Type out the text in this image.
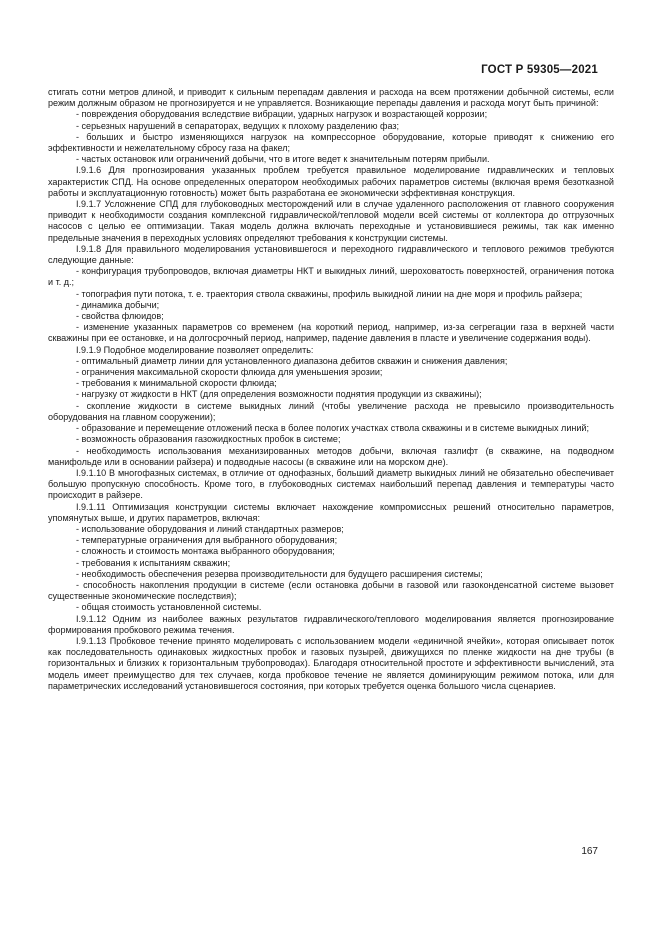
ГОСТ Р 59305—2021

стигать сотни метров длиной, и приводит к сильным перепадам давления и расхода на всем протяжении добычной системы, если режим должным образом не прогнозируется и не управляется. Возникающие перепады давления и расхода могут быть причиной:

- повреждения оборудования вследствие вибрации, ударных нагрузок и возрастающей коррозии;

- серьезных нарушений в сепараторах, ведущих к плохому разделению фаз;

- больших и быстро изменяющихся нагрузок на компрессорное оборудование, которые приводят к снижению его эффективности и нежелательному сбросу газа на факел;

- частых остановок или ограничений добычи, что в итоге ведет к значительным потерям прибыли.

I.9.1.6 Для прогнозирования указанных проблем требуется правильное моделирование гидравлических и тепловых характеристик СПД. На основе определенных оператором необходимых рабочих параметров системы (включая время безотказной работы и эксплуатационную готовность) может быть разработана ее экономически эффективная конструкция.

I.9.1.7 Усложнение СПД для глубоководных месторождений или в случае удаленного расположения от главного сооружения приводит к необходимости создания комплексной гидравлической/тепловой модели всей системы от коллектора до отгрузочных насосов с целью ее оптимизации. Такая модель должна включать переходные и установившиеся режимы, так как именно предельные значения в переходных условиях определяют требования к конструкции системы.

I.9.1.8 Для правильного моделирования установившегося и переходного гидравлического и теплового режимов требуются следующие данные:

- конфигурация трубопроводов, включая диаметры НКТ и выкидных линий, шероховатость поверхностей, ограничения потока и т. д.;

- топография пути потока, т. е. траектория ствола скважины, профиль выкидной линии на дне моря и профиль райзера;

- динамика добычи;

- свойства флюидов;

- изменение указанных параметров со временем (на короткий период, например, из-за сегрегации газа в верхней части скважины при ее остановке, и на долгосрочный период, например, падение давления в пласте и увеличение содержания воды).

I.9.1.9 Подобное моделирование позволяет определить:

- оптимальный диаметр линии для установленного диапазона дебитов скважин и снижения давления;

- ограничения максимальной скорости флюида для уменьшения эрозии;

- требования к минимальной скорости флюида;

- нагрузку от жидкости в НКТ (для определения возможности поднятия продукции из скважины);

- скопление жидкости в системе выкидных линий (чтобы увеличение расхода не превысило производительность оборудования на главном сооружении);

- образование и перемещение отложений песка в более пологих участках ствола скважины и в системе выкидных линий;

- возможность образования газожидкостных пробок в системе;

- необходимость использования механизированных методов добычи, включая газлифт (в скважине, на подводном манифольде или в основании райзера) и подводные насосы (в скважине или на морском дне).

I.9.1.10 В многофазных системах, в отличие от однофазных, больший диаметр выкидных линий не обязательно обеспечивает большую пропускную способность. Кроме того, в глубоководных системах наибольший перепад давления и температуры часто происходит в райзере.

I.9.1.11 Оптимизация конструкции системы включает нахождение компромиссных решений относительно параметров, упомянутых выше, и других параметров, включая:

- использование оборудования и линий стандартных размеров;

- температурные ограничения для выбранного оборудования;

- сложность и стоимость монтажа выбранного оборудования;

- требования к испытаниям скважин;

- необходимость обеспечения резерва производительности для будущего расширения системы;

- способность накопления продукции в системе (если остановка добычи в газовой или газоконденсатной системе вызовет существенные экономические последствия);

- общая стоимость установленной системы.

I.9.1.12 Одним из наиболее важных результатов гидравлического/теплового моделирования является прогнозирование формирования пробкового режима течения.

I.9.1.13 Пробковое течение принято моделировать с использованием модели «единичной ячейки», которая описывает поток как последовательность одинаковых жидкостных пробок и газовых пузырей, движущихся по пленке жидкости на дне трубы (в горизонтальных и близких к горизонтальным трубопроводах). Благодаря относительной простоте и эффективности вычислений, эта модель имеет преимущество для тех случаев, когда пробковое течение не является доминирующим режимом потока, или для параметрических исследований установившегося состояния, при которых требуется оценка большого числа сценариев.

167
